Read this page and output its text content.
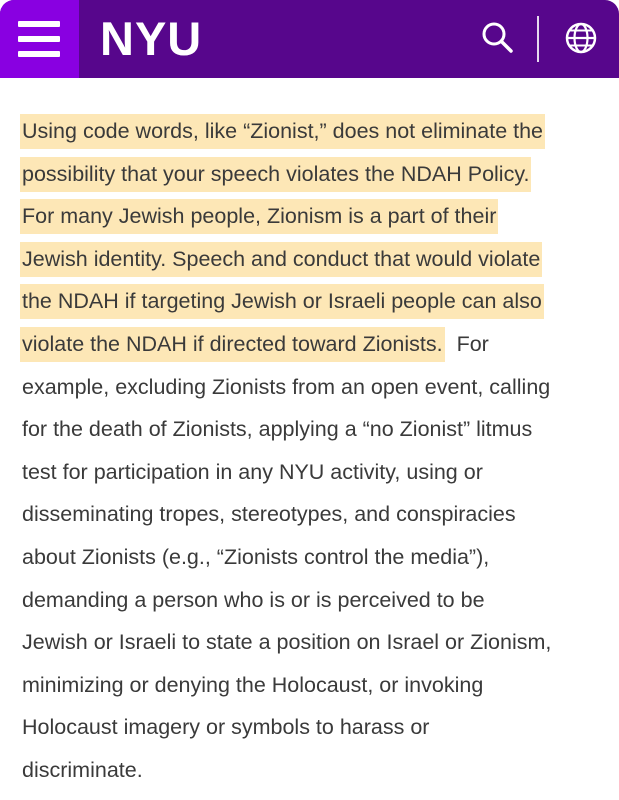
NYU

Using code words, like “Zionist,” does not eliminate the
possibility that your speech violates the NDAH Policy.
For many Jewish people, Zionism is a part of their
Jewish identity. Speech and conduct that would violate
the NDAH if targeting Jewish or Israeli people can also
violate the NDAH if directed toward Zionists.  For
example, excluding Zionists from an open event, calling
for the death of Zionists, applying a “no Zionist” litmus
test for participation in any NYU activity, using or
disseminating tropes, stereotypes, and conspiracies
about Zionists (e.g., “Zionists control the media”),
demanding a person who is or is perceived to be
Jewish or Israeli to state a position on Israel or Zionism,
minimizing or denying the Holocaust, or invoking
Holocaust imagery or symbols to harass or
discriminate.
